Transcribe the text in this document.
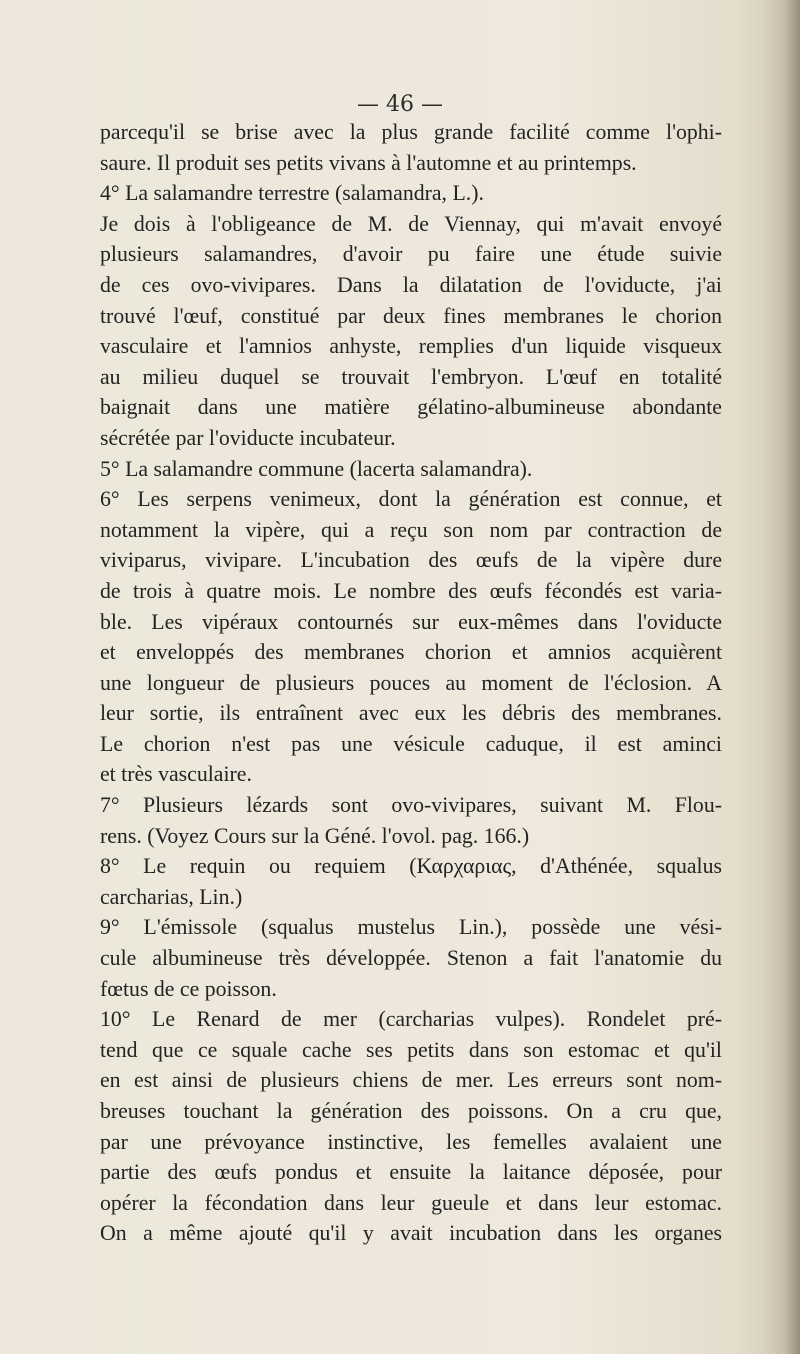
— 46 —
parcequ'il se brise avec la plus grande facilité comme l'ophi-
saure. Il produit ses petits vivans à l'automne et au printemps.
4° La salamandre terrestre (salamandra, L.).
Je dois à l'obligeance de M. de Viennay, qui m'avait envoyé
plusieurs salamandres, d'avoir pu faire une étude suivie
de ces ovo-vivipares. Dans la dilatation de l'oviducte, j'ai
trouvé l'œuf, constitué par deux fines membranes le chorion
vasculaire et l'amnios anhyste, remplies d'un liquide visqueux
au milieu duquel se trouvait l'embryon. L'œuf en totalité
baignait dans une matière gélatino-albumineuse abondante
sécrétée par l'oviducte incubateur.
5° La salamandre commune (lacerta salamandra).
6° Les serpens venimeux, dont la génération est connue, et
notamment la vipère, qui a reçu son nom par contraction de
viviparus, vivipare. L'incubation des œufs de la vipère dure
de trois à quatre mois. Le nombre des œufs fécondés est varia-
ble. Les vipéraux contournés sur eux-mêmes dans l'oviducte
et enveloppés des membranes chorion et amnios acquièrent
une longueur de plusieurs pouces au moment de l'éclosion. A
leur sortie, ils entraînent avec eux les débris des membranes.
Le chorion n'est pas une vésicule caduque, il est aminci
et très vasculaire.
7° Plusieurs lézards sont ovo-vivipares, suivant M. Flou-
rens. (Voyez Cours sur la Géné. l'ovol. pag. 166.)
8° Le requin ou requiem (Καρχαριας, d'Athénée, squalus
carcharias, Lin.)
9° L'émissole (squalus mustelus Lin.), possède une vési-
cule albumineuse très développée. Stenon a fait l'anatomie du
fœtus de ce poisson.
10° Le Renard de mer (carcharias vulpes). Rondelet pré-
tend que ce squale cache ses petits dans son estomac et qu'il
en est ainsi de plusieurs chiens de mer. Les erreurs sont nom-
breuses touchant la génération des poissons. On a cru que,
par une prévoyance instinctive, les femelles avalaient une
partie des œufs pondus et ensuite la laitance déposée, pour
opérer la fécondation dans leur gueule et dans leur estomac.
On a même ajouté qu'il y avait incubation dans les organes
